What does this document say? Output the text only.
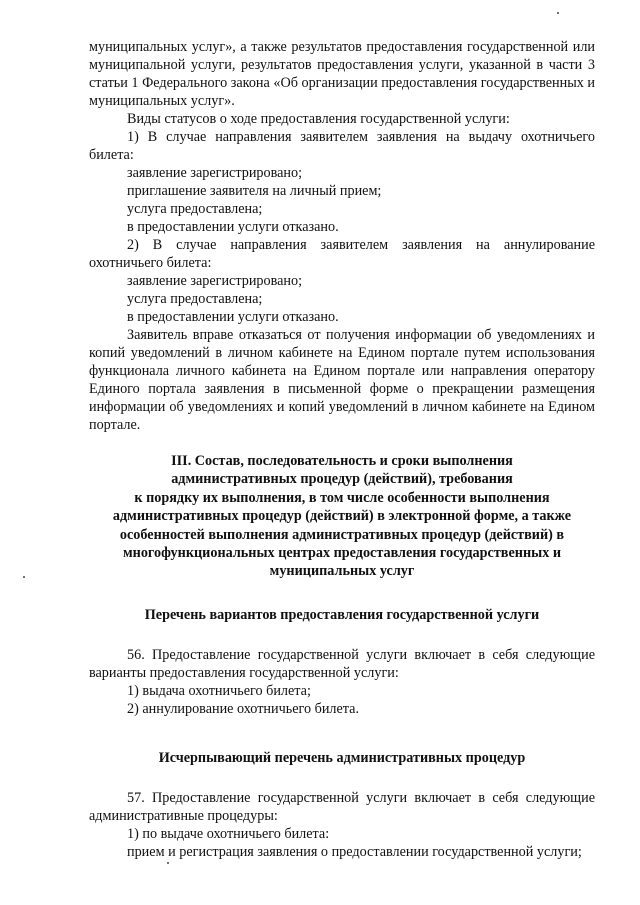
муниципальных услуг», а также результатов предоставления государственной или муниципальной услуги, результатов предоставления услуги, указанной в части 3 статьи 1 Федерального закона «Об организации предоставления государственных и муниципальных услуг».

Виды статусов о ходе предоставления государственной услуги:

1) В случае направления заявителем заявления на выдачу охотничьего билета:

заявление зарегистрировано;

приглашение заявителя на личный прием;

услуга предоставлена;

в предоставлении услуги отказано.

2) В случае направления заявителем заявления на аннулирование охотничьего билета:

заявление зарегистрировано;

услуга предоставлена;

в предоставлении услуги отказано.

Заявитель вправе отказаться от получения информации об уведомлениях и копий уведомлений в личном кабинете на Едином портале путем использования функционала личного кабинета на Едином портале или направления оператору Единого портала заявления в письменной форме о прекращении размещения информации об уведомлениях и копий уведомлений в личном кабинете на Едином портале.

III. Состав, последовательность и сроки выполнения
административных процедур (действий), требования
к порядку их выполнения, в том числе особенности выполнения
административных процедур (действий) в электронной форме, а также
особенностей выполнения административных процедур (действий) в
многофункциональных центрах предоставления государственных и
муниципальных услуг

Перечень вариантов предоставления государственной услуги

56. Предоставление государственной услуги включает в себя следующие варианты предоставления государственной услуги:

1) выдача охотничьего билета;

2) аннулирование охотничьего билета.

Исчерпывающий перечень административных процедур

57. Предоставление государственной услуги включает в себя следующие административные процедуры:

1) по выдаче охотничьего билета:

прием и регистрация заявления о предоставлении государственной услуги;
